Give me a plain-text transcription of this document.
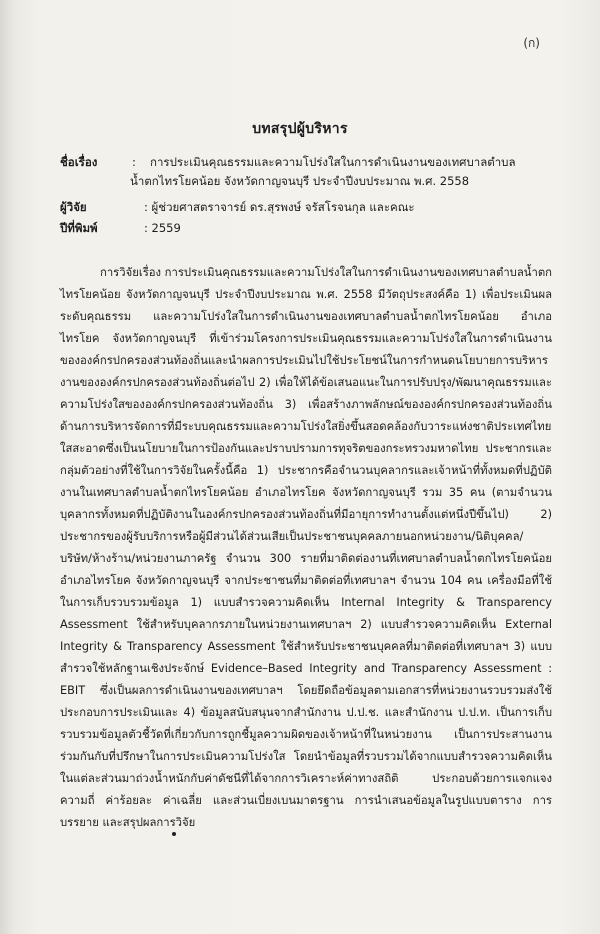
(ก)
บทสรุปผู้บริหาร
ชื่อเรื่อง	: การประเมินคุณธรรมและความโปร่งใสในการดำเนินงานของเทศบาลตำบล
น้ำตกไทรโยคน้อย จังหวัดกาญจนบุรี ประจำปีงบประมาณ พ.ศ. 2558
ผู้วิจัย	: ผู้ช่วยศาสตราจารย์ ดร.สุรพงษ์ จรัสโรจนกุล และคณะ
ปีที่พิมพ์	: 2559
การวิจัยเรื่อง การประเมินคุณธรรมและความโปร่งใสในการดำเนินงานของเทศบาลตำบลน้ำตกไทรโยคน้อย จังหวัดกาญจนบุรี ประจำปีงบประมาณ พ.ศ. 2558 มีวัตถุประสงค์คือ 1) เพื่อประเมินผลระดับคุณธรรม และความโปร่งใสในการดำเนินงานของเทศบาลตำบลน้ำตกไทรโยคน้อย อำเภอไทรโยค จังหวัดกาญจนบุรี ที่เข้าร่วมโครงการประเมินคุณธรรมและความโปร่งใสในการดำเนินงานขององค์กรปกครองส่วนท้องถิ่นและนำผลการประเมินไปใช้ประโยชน์ในการกำหนดนโยบายการบริหารงานขององค์กรปกครองส่วนท้องถิ่นต่อไป 2) เพื่อให้ได้ข้อเสนอแนะในการปรับปรุง/พัฒนาคุณธรรมและความโปร่งใสขององค์กรปกครองส่วนท้องถิ่น 3) เพื่อสร้างภาพลักษณ์ขององค์กรปกครองส่วนท้องถิ่นด้านการบริหารจัดการที่มีระบบคุณธรรมและความโปร่งใสยิ่งขึ้นสอดคล้องกับวาระแห่งชาติประเทศไทยใสสะอาดซึ่งเป็นนโยบายในการป้องกันและปราบปรามการทุจริตของกระทรวงมหาดไทย ประชากรและกลุ่มตัวอย่างที่ใช้ในการวิจัยในครั้งนี้คือ 1) ประชากรคือจำนวนบุคลากรและเจ้าหน้าที่ทั้งหมดที่ปฏิบัติงานในเทศบาลตำบลน้ำตกไทรโยคน้อย อำเภอไทรโยค จังหวัดกาญจนบุรี รวม 35 คน (ตามจำนวนบุคลากรทั้งหมดที่ปฏิบัติงานในองค์กรปกครองส่วนท้องถิ่นที่มีอายุการทำงานตั้งแต่หนึ่งปีขึ้นไป) 2) ประชากรของผู้รับบริการหรือผู้มีส่วนได้ส่วนเสียเป็นประชาชนบุคคลภายนอกหน่วยงาน/นิติบุคคล/บริษัท/ห้างร้าน/หน่วยงานภาครัฐ จำนวน 300 รายที่มาติดต่องานที่เทศบาลตำบลน้ำตกไทรโยคน้อย อำเภอไทรโยค จังหวัดกาญจนบุรี จากประชาชนที่มาติดต่อที่เทศบาลฯ จำนวน 104 คน เครื่องมือที่ใช้ในการเก็บรวบรวมข้อมูล 1) แบบสำรวจความคิดเห็น Internal Integrity & Transparency Assessment ใช้สำหรับบุคลากรภายในหน่วยงานเทศบาลฯ 2) แบบสำรวจความคิดเห็น External Integrity & Transparency Assessment ใช้สำหรับประชาชนบุคคลที่มาติดต่อที่เทศบาลฯ 3) แบบสำรวจใช้หลักฐานเชิงประจักษ์ Evidence–Based Integrity and Transparency Assessment : EBIT ซึ่งเป็นผลการดำเนินงานของเทศบาลฯ โดยยึดถือข้อมูลตามเอกสารที่หน่วยงานรวบรวมส่งใช้ประกอบการประเมินและ 4) ข้อมูลสนับสนุนจากสำนักงาน ป.ป.ช. และสำนักงาน ป.ป.ท. เป็นการเก็บรวบรวมข้อมูลตัวชี้วัดที่เกี่ยวกับการถูกชี้มูลความผิดของเจ้าหน้าที่ในหน่วยงาน เป็นการประสานงานร่วมกันกับที่ปรึกษาในการประเมินความโปร่งใส โดยนำข้อมูลที่รวบรวมได้จากแบบสำรวจความคิดเห็น ในแต่ละส่วนมาถ่วงน้ำหนักกับค่าดัชนีที่ได้จากการวิเคราะห์ค่าทางสถิติ ประกอบด้วยการแจกแจงความถี่ ค่าร้อยละ ค่าเฉลี่ย และส่วนเบี่ยงเบนมาตรฐาน การนำเสนอข้อมูลในรูปแบบตาราง การบรรยาย และสรุปผลการวิจัย
